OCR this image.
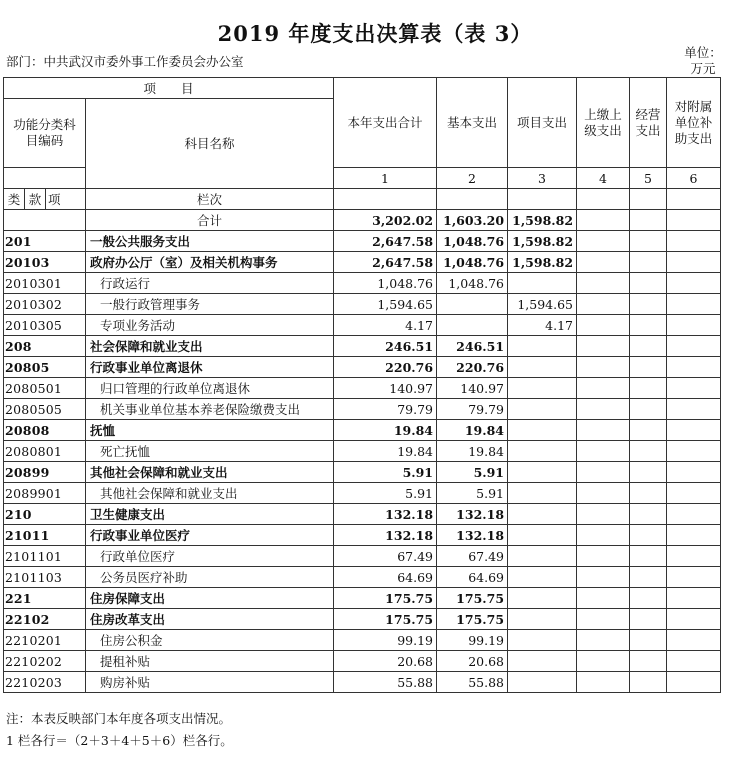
2019 年度支出决算表（表 3）
部门：中共武汉市委外事工作委员会办公室
单位：
万元
项　　目				本年支出合计	基本支出	项目支出	上缴上级支出	经营支出	对附属单位补助支出
功能分类科目编码			科目名称						
				1	2	3	4	5	6
类	款	项	栏次						
			合计	3,202.02	1,603.20	1,598.82			
201			一般公共服务支出	2,647.58	1,048.76	1,598.82			
20103			政府办公厅（室）及相关机构事务	2,647.58	1,048.76	1,598.82			
2010301			行政运行	1,048.76	1,048.76				
2010302			一般行政管理事务	1,594.65		1,594.65			
2010305			专项业务活动	4.17		4.17			
208			社会保障和就业支出	246.51	246.51				
20805			行政事业单位离退休	220.76	220.76				
2080501			归口管理的行政单位离退休	140.97	140.97				
2080505			机关事业单位基本养老保险缴费支出	79.79	79.79				
20808			抚恤	19.84	19.84				
2080801			死亡抚恤	19.84	19.84				
20899			其他社会保障和就业支出	5.91	5.91				
2089901			其他社会保障和就业支出	5.91	5.91				
210			卫生健康支出	132.18	132.18				
21011			行政事业单位医疗	132.18	132.18				
2101101			行政单位医疗	67.49	67.49				
2101103			公务员医疗补助	64.69	64.69				
221			住房保障支出	175.75	175.75				
22102			住房改革支出	175.75	175.75				
2210201			住房公积金	99.19	99.19				
2210202			提租补贴	20.68	20.68				
2210203			购房补贴	55.88	55.88				
注：本表反映部门本年度各项支出情况。
1 栏各行＝（2＋3＋4＋5＋6）栏各行。
